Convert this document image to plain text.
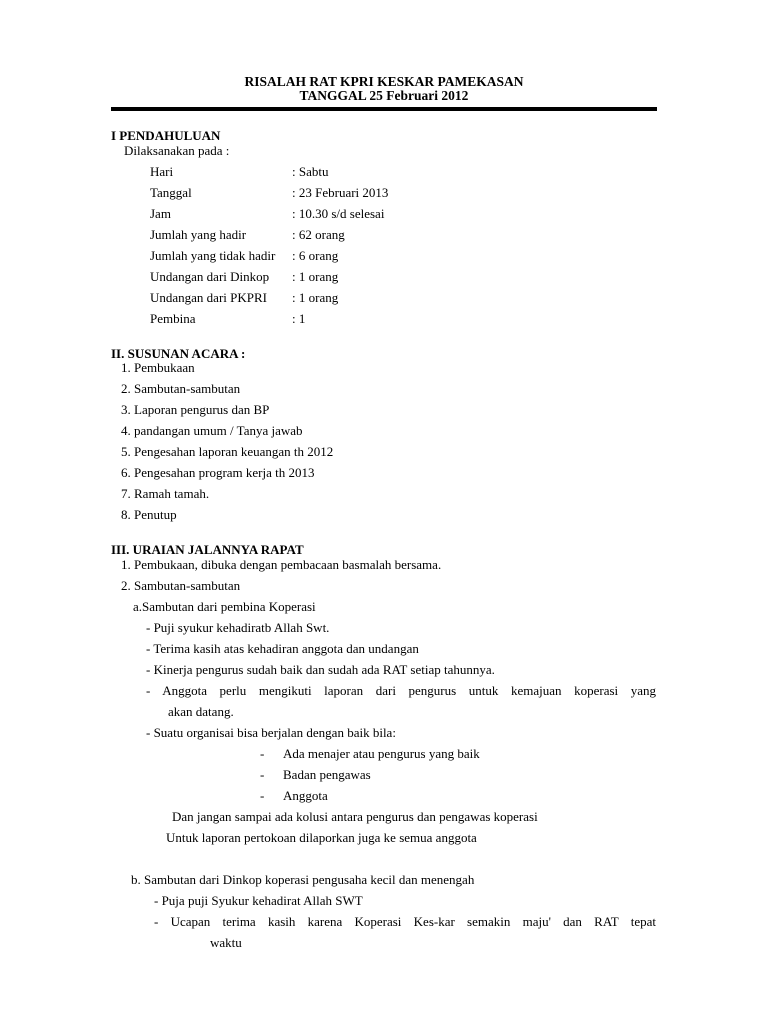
RISALAH RAT KPRI KESKAR PAMEKASAN
TANGGAL 25 Februari 2012
I PENDAHULUAN
Dilaksanakan pada :
Hari	: Sabtu
Tanggal	: 23 Februari 2013
Jam	: 10.30 s/d selesai
Jumlah yang hadir	: 62 orang
Jumlah yang tidak hadir : 6 orang
Undangan dari Dinkop : 1 orang
Undangan dari PKPRI : 1 orang
Pembina	: 1
II. SUSUNAN ACARA :
1. Pembukaan
2. Sambutan-sambutan
3. Laporan pengurus dan BP
4. pandangan umum / Tanya jawab
5. Pengesahan laporan keuangan th 2012
6. Pengesahan program kerja th 2013
7. Ramah tamah.
8. Penutup
III. URAIAN JALANNYA RAPAT
1. Pembukaan, dibuka dengan pembacaan basmalah bersama.
2. Sambutan-sambutan
a.Sambutan dari pembina Koperasi
- Puji syukur kehadiratb Allah Swt.
- Terima kasih atas kehadiran anggota dan undangan
- Kinerja pengurus sudah baik dan sudah ada RAT setiap tahunnya.
- Anggota perlu mengikuti laporan dari pengurus untuk kemajuan koperasi yang
akan datang.
- Suatu organisai bisa berjalan dengan baik bila:
- Ada menajer atau pengurus yang baik
- Badan pengawas
- Anggota
Dan jangan sampai ada kolusi antara pengurus dan pengawas koperasi
Untuk laporan pertokoan dilaporkan juga ke semua anggota
b. Sambutan dari Dinkop koperasi pengusaha kecil dan menengah
- Puja puji Syukur kehadirat Allah SWT
- Ucapan terima kasih karena Koperasi Kes-kar semakin maju' dan RAT tepat
waktu
